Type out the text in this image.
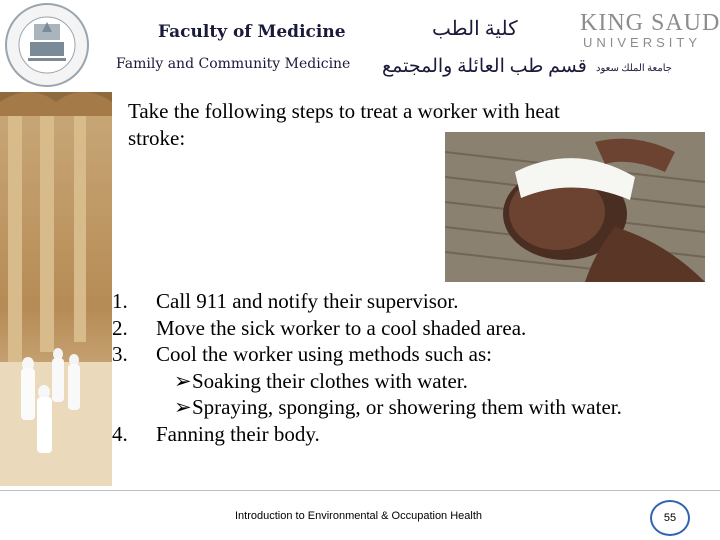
Faculty of Medicine
Family and Community Medicine
كلية الطب
قسم طب العائلة والمجتمع جامعة الملك سعود
KING SAUD
UNIVERSITY
Take the following steps to treat a worker with heat stroke:
1.	Call 911 and notify their supervisor.
2.	Move the sick worker to a cool shaded area.
3.	Cool the worker using methods such as:
➢Soaking their clothes with water.
➢Spraying, sponging, or showering them with water.
4.	Fanning their body.
Introduction to Environmental & Occupation Health	55
